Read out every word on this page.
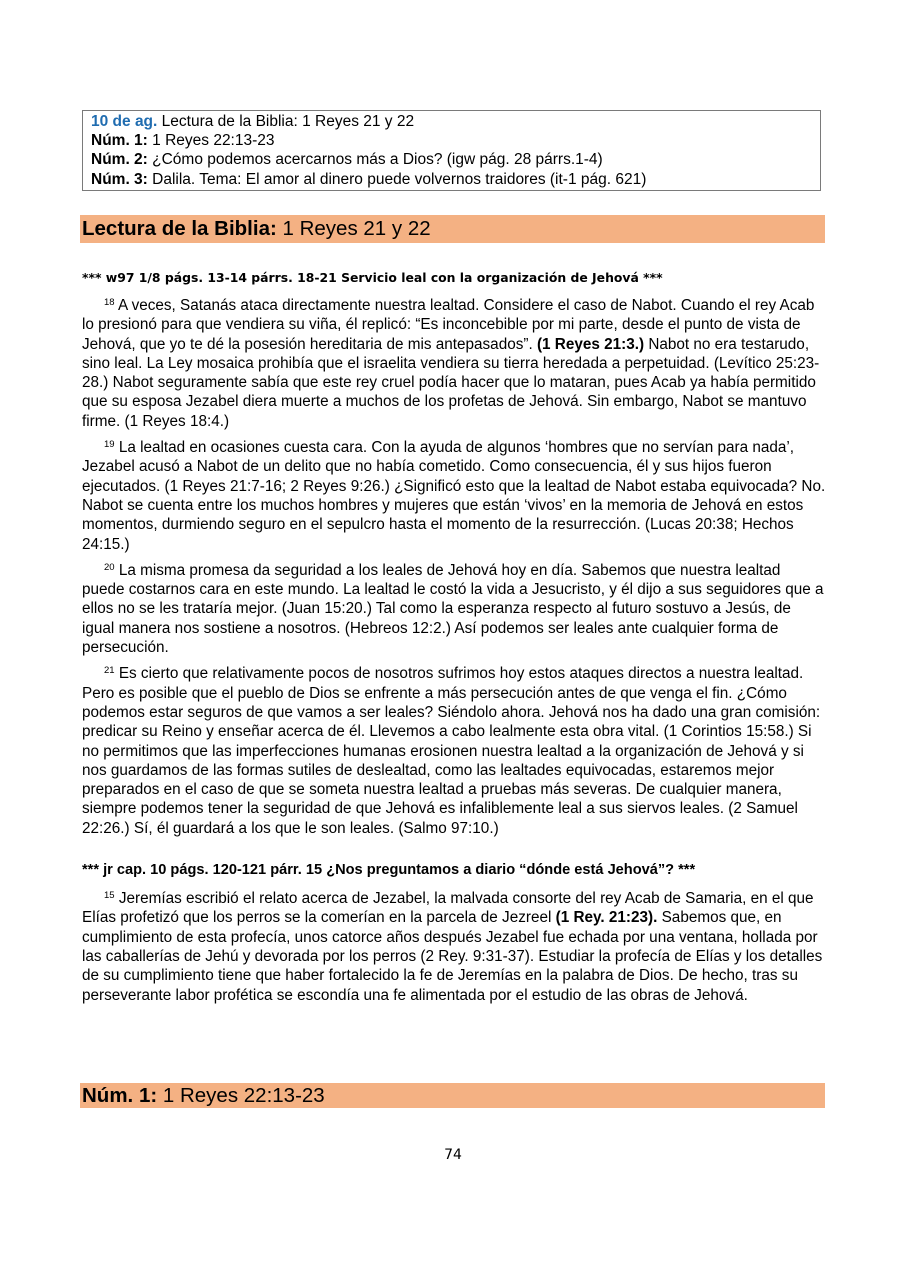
10 de ag. Lectura de la Biblia: 1 Reyes 21 y 22
Núm. 1: 1 Reyes 22:13-23
Núm. 2: ¿Cómo podemos acercarnos más a Dios? (igw pág. 28 párrs.1-4)
Núm. 3: Dalila. Tema: El amor al dinero puede volvernos traidores (it-1 pág. 621)
Lectura de la Biblia: 1 Reyes 21 y 22
*** w97 1/8 págs. 13-14 párrs. 18-21 Servicio leal con la organización de Jehová ***

$^{18}$ A veces, Satanás ataca directamente nuestra lealtad. Considere el caso de Nabot. Cuando el rey Acab lo presionó para que vendiera su viña, él replicó: “Es inconcebible por mi parte, desde el punto de vista de Jehová, que yo te dé la posesión hereditaria de mis antepasados”. (1 Reyes 21:3.) Nabot no era testarudo, sino leal. La Ley mosaica prohibía que el israelita vendiera su tierra heredada a perpetuidad. (Levítico 25:23-28.) Nabot seguramente sabía que este rey cruel podía hacer que lo mataran, pues Acab ya había permitido que su esposa Jezabel diera muerte a muchos de los profetas de Jehová. Sin embargo, Nabot se mantuvo firme. (1 Reyes 18:4.)

$^{19}$ La lealtad en ocasiones cuesta cara. Con la ayuda de algunos ‘hombres que no servían para nada’, Jezabel acusó a Nabot de un delito que no había cometido. Como consecuencia, él y sus hijos fueron ejecutados. (1 Reyes 21:7-16; 2 Reyes 9:26.) ¿Significó esto que la lealtad de Nabot estaba equivocada? No. Nabot se cuenta entre los muchos hombres y mujeres que están ‘vivos’ en la memoria de Jehová en estos momentos, durmiendo seguro en el sepulcro hasta el momento de la resurrección. (Lucas 20:38; Hechos 24:15.)

$^{20}$ La misma promesa da seguridad a los leales de Jehová hoy en día. Sabemos que nuestra lealtad puede costarnos cara en este mundo. La lealtad le costó la vida a Jesucristo, y él dijo a sus seguidores que a ellos no se les trataría mejor. (Juan 15:20.) Tal como la esperanza respecto al futuro sostuvo a Jesús, de igual manera nos sostiene a nosotros. (Hebreos 12:2.) Así podemos ser leales ante cualquier forma de persecución.

$^{21}$ Es cierto que relativamente pocos de nosotros sufrimos hoy estos ataques directos a nuestra lealtad. Pero es posible que el pueblo de Dios se enfrente a más persecución antes de que venga el fin. ¿Cómo podemos estar seguros de que vamos a ser leales? Siéndolo ahora. Jehová nos ha dado una gran comisión: predicar su Reino y enseñar acerca de él. Llevemos a cabo lealmente esta obra vital. (1 Corintios 15:58.) Si no permitimos que las imperfecciones humanas erosionen nuestra lealtad a la organización de Jehová y si nos guardamos de las formas sutiles de deslealtad, como las lealtades equivocadas, estaremos mejor preparados en el caso de que se someta nuestra lealtad a pruebas más severas. De cualquier manera, siempre podemos tener la seguridad de que Jehová es infaliblemente leal a sus siervos leales. (2 Samuel 22:26.) Sí, él guardará a los que le son leales. (Salmo 97:10.)

*** jr cap. 10 págs. 120-121 párr. 15 ¿Nos preguntamos a diario “dónde está Jehová”? ***

$^{15}$ Jeremías escribió el relato acerca de Jezabel, la malvada consorte del rey Acab de Samaria, en el que Elías profetizó que los perros se la comerían en la parcela de Jezreel (1 Rey. 21:23). Sabemos que, en cumplimiento de esta profecía, unos catorce años después Jezabel fue echada por una ventana, hollada por las caballerías de Jehú y devorada por los perros (2 Rey. 9:31-37). Estudiar la profecía de Elías y los detalles de su cumplimiento tiene que haber fortalecido la fe de Jeremías en la palabra de Dios. De hecho, tras su perseverante labor profética se escondía una fe alimentada por el estudio de las obras de Jehová.

Núm. 1: 1 Reyes 22:13-23
74
